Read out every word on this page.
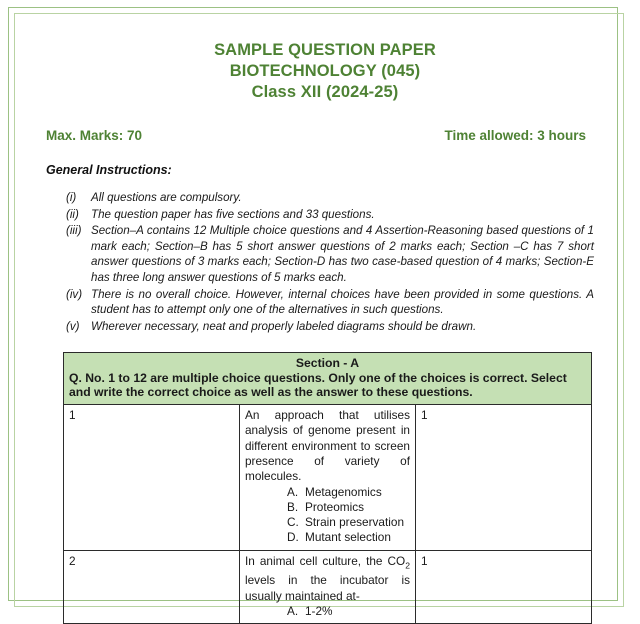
SAMPLE QUESTION PAPER
BIOTECHNOLOGY (045)
Class XII (2024-25)
Max. Marks: 70	Time allowed: 3 hours
General Instructions:
(i)	All questions are compulsory.
(ii)	The question paper has five sections and 33 questions.
(iii) Section–A contains 12 Multiple choice questions and 4 Assertion-Reasoning based questions of 1 mark each; Section–B has 5 short answer questions of 2 marks each; Section –C has 7 short answer questions of 3 marks each; Section-D has two case-based question of 4 marks; Section-E has three long answer questions of 5 marks each.
(iv) There is no overall choice. However, internal choices have been provided in some questions. A student has to attempt only one of the alternatives in such questions.
(v) Wherever necessary, neat and properly labeled diagrams should be drawn.
Section - A
Q. No. 1 to 12 are multiple choice questions. Only one of the choices is correct. Select and write the correct choice as well as the answer to these questions.		

1	An approach that utilises analysis of genome present in different environment to screen presence of variety of molecules.
A. Metagenomics
B. Proteomics
C. Strain preservation
D. Mutant selection
	1
2	In animal cell culture, the $CO_2$ levels in the incubator is usually maintained at-
A. 1-2%
	1
